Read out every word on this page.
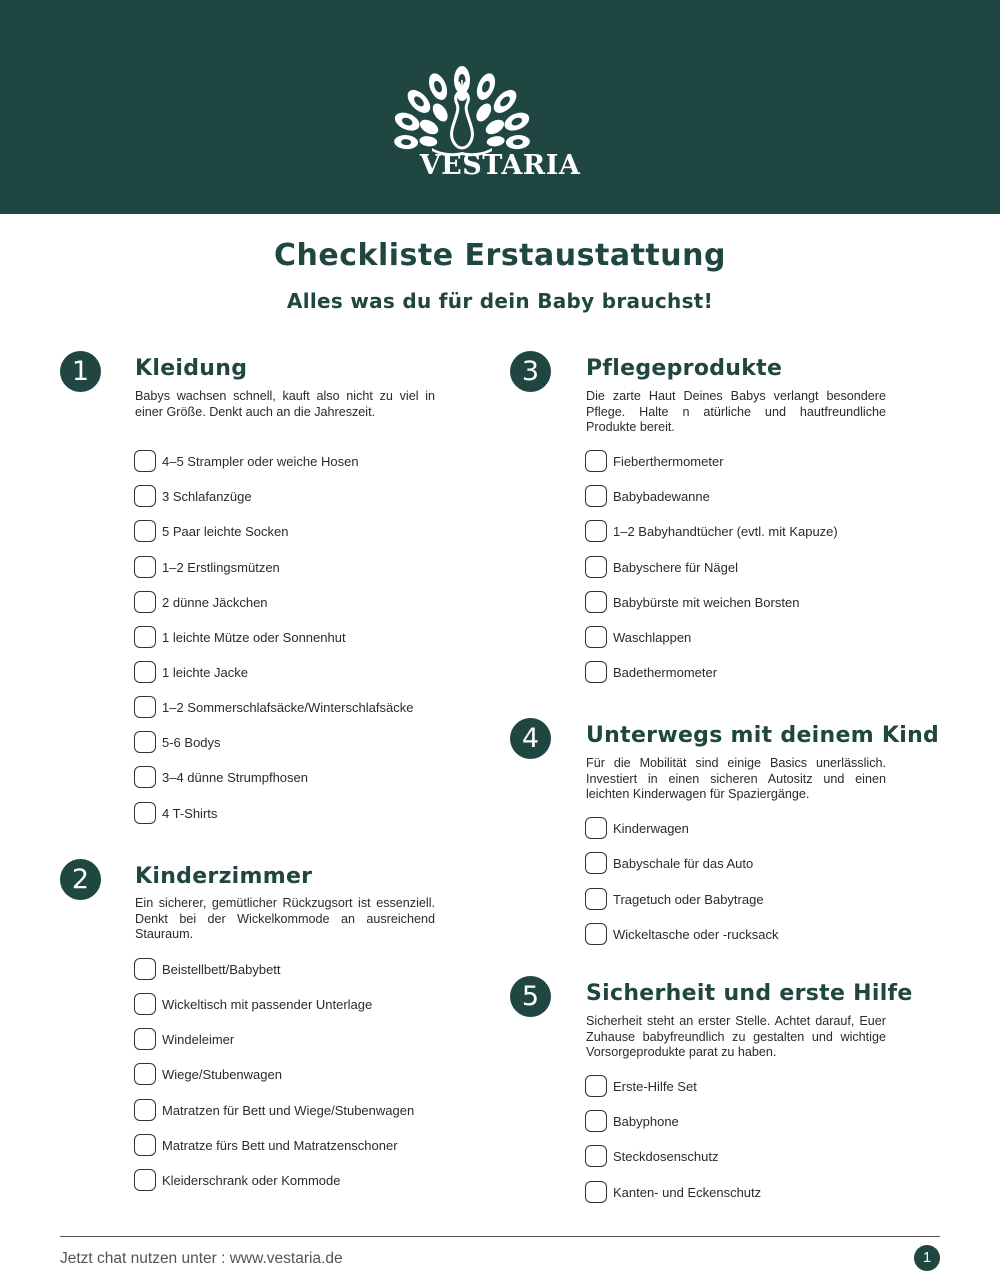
VESTARIA
Checkliste Erstaustattung
Alles was du für dein Baby brauchst!
1	Kleidung
Babys wachsen schnell, kauft also nicht zu viel in einer Größe. Denkt auch an die Jahreszeit.
4–5 Strampler oder weiche Hosen
3 Schlafanzüge
5 Paar leichte Socken
1–2 Erstlingsmützen
2 dünne Jäckchen
1 leichte Mütze oder Sonnenhut
1 leichte Jacke
1–2 Sommerschlafsäcke/Winterschlafsäcke
5-6 Bodys
3–4 dünne Strumpfhosen
4 T-Shirts
2	Kinderzimmer
Ein sicherer, gemütlicher Rückzugsort ist essenziell. Denkt bei der Wickelkommode an ausreichend Stauraum.
Beistellbett/Babybett
Wickeltisch mit passender Unterlage
Windeleimer
Wiege/Stubenwagen
Matratzen für Bett und Wiege/Stubenwagen
Matratze fürs Bett und Matratzenschoner
Kleiderschrank oder Kommode
3	Pflegeprodukte
Die zarte Haut Deines Babys verlangt besondere Pflege. Halte n atürliche und hautfreundliche Produkte bereit.
Fieberthermometer
Babybadewanne
1–2 Babyhandtücher (evtl. mit Kapuze)
Babyschere für Nägel
Babybürste mit weichen Borsten
Waschlappen
Badethermometer
4	Unterwegs mit deinem Kind
Für die Mobilität sind einige Basics unerlässlich. Investiert in einen sicheren Autositz und einen leichten Kinderwagen für Spaziergänge.
Kinderwagen
Babyschale für das Auto
Tragetuch oder Babytrage
Wickeltasche oder -rucksack
5	Sicherheit und erste Hilfe
Sicherheit steht an erster Stelle. Achtet darauf, Euer Zuhause babyfreundlich zu gestalten und wichtige Vorsorgeprodukte parat zu haben.
Erste-Hilfe Set
Babyphone
Steckdosenschutz
Kanten- und Eckenschutz
Jetzt chat nutzen unter : www.vestaria.de	1
